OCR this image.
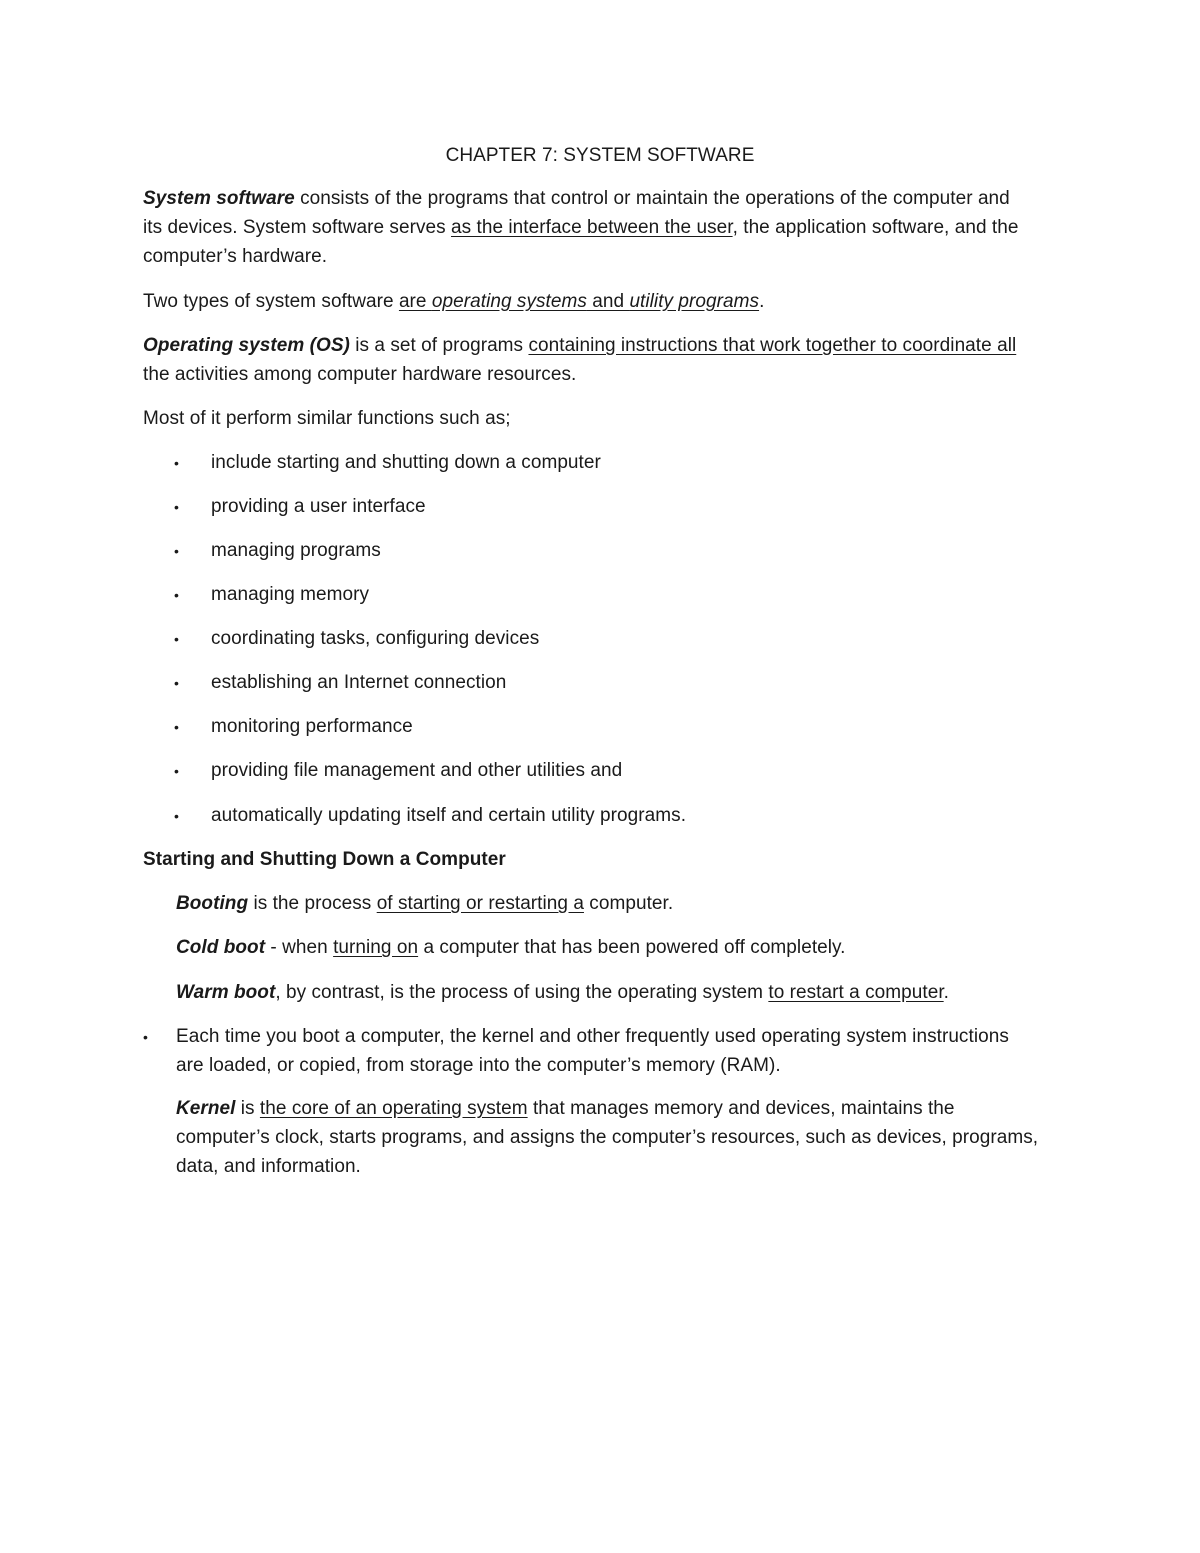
CHAPTER 7: SYSTEM SOFTWARE
System software consists of the programs that control or maintain the operations of the computer and
its devices. System software serves as the interface between the user, the application software, and the
computer’s hardware.
Two types of system software are operating systems and utility programs.
Operating system (OS) is a set of programs containing instructions that work together to coordinate all
the activities among computer hardware resources.
Most of it perform similar functions such as;
• include starting and shutting down a computer
• providing a user interface
• managing programs
• managing memory
• coordinating tasks, configuring devices
• establishing an Internet connection
• monitoring performance
• providing file management and other utilities and
• automatically updating itself and certain utility programs.
Starting and Shutting Down a Computer
Booting is the process of starting or restarting a computer.
Cold boot - when turning on a computer that has been powered off completely.
Warm boot, by contrast, is the process of using the operating system to restart a computer.
• Each time you boot a computer, the kernel and other frequently used operating system instructions
are loaded, or copied, from storage into the computer’s memory (RAM).
Kernel is the core of an operating system that manages memory and devices, maintains the
computer’s clock, starts programs, and assigns the computer’s resources, such as devices, programs,
data, and information.
